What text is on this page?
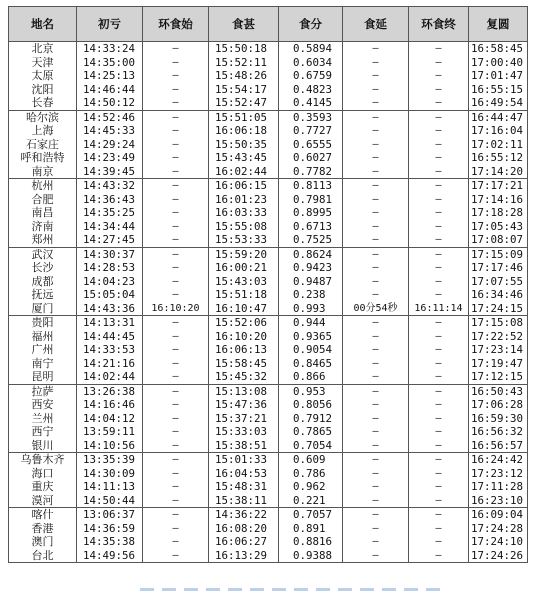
地名	初亏	环食始	食甚	食分	食延	环食终	复圆
北京	14:33:24	—	15:50:18	0.5894	—	—	16:58:45
天津	14:35:00	—	15:52:11	0.6034	—	—	17:00:40
太原	14:25:13	—	15:48:26	0.6759	—	—	17:01:47
沈阳	14:46:44	—	15:54:17	0.4823	—	—	16:55:15
长春	14:50:12	—	15:52:47	0.4145	—	—	16:49:54
哈尔滨	14:52:46	—	15:51:05	0.3593	—	—	16:44:47
上海	14:45:33	—	16:06:18	0.7727	—	—	17:16:04
石家庄	14:29:24	—	15:50:35	0.6555	—	—	17:02:11
呼和浩特	14:23:49	—	15:43:45	0.6027	—	—	16:55:12
南京	14:39:45	—	16:02:44	0.7782	—	—	17:14:20
杭州	14:43:32	—	16:06:15	0.8113	—	—	17:17:21
合肥	14:36:43	—	16:01:23	0.7981	—	—	17:14:16
南昌	14:35:25	—	16:03:33	0.8995	—	—	17:18:28
济南	14:34:44	—	15:55:08	0.6713	—	—	17:05:43
郑州	14:27:45	—	15:53:33	0.7525	—	—	17:08:07
武汉	14:30:37	—	15:59:20	0.8624	—	—	17:15:09
长沙	14:28:53	—	16:00:21	0.9423	—	—	17:17:46
成都	14:04:23	—	15:43:03	0.9487	—	—	17:07:55
抚远	15:05:04	—	15:51:18	0.238	—	—	16:34:46
厦门	14:43:36	16:10:20	16:10:47	0.993	00分54秒	16:11:14	17:24:15
贵阳	14:13:31	—	15:52:06	0.944	—	—	17:15:08
福州	14:44:45	—	16:10:20	0.9365	—	—	17:22:52
广州	14:33:53	—	16:06:13	0.9054	—	—	17:23:14
南宁	14:21:16	—	15:58:45	0.8465	—	—	17:19:47
昆明	14:02:44	—	15:45:32	0.866	—	—	17:12:15
拉萨	13:26:38	—	15:13:08	0.953	—	—	16:50:43
西安	14:16:46	—	15:47:36	0.8056	—	—	17:06:28
兰州	14:04:12	—	15:37:21	0.7912	—	—	16:59:30
西宁	13:59:11	—	15:33:03	0.7865	—	—	16:56:32
银川	14:10:56	—	15:38:51	0.7054	—	—	16:56:57
乌鲁木齐	13:35:39	—	15:01:33	0.609	—	—	16:24:42
海口	14:30:09	—	16:04:53	0.786	—	—	17:23:12
重庆	14:11:13	—	15:48:31	0.962	—	—	17:11:28
漠河	14:50:44	—	15:38:11	0.221	—	—	16:23:10
喀什	13:06:37	—	14:36:22	0.7057	—	—	16:09:04
香港	14:36:59	—	16:08:20	0.891	—	—	17:24:28
澳门	14:35:38	—	16:06:27	0.8816	—	—	17:24:10
台北	14:49:56	—	16:13:29	0.9388	—	—	17:24:26
